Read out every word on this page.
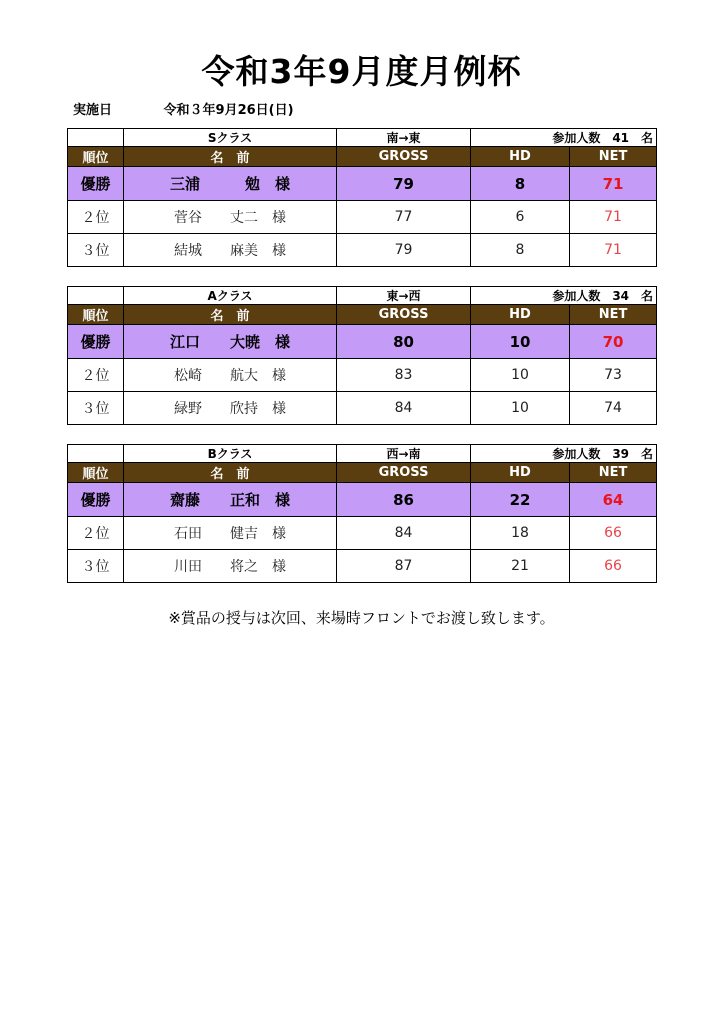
令和3年9月度月例杯
実施日	令和３年9月26日(日)
	Sクラス	南→東	参加人数　41　名	
順位	名　前	GROSS	HD	NET
優勝	三浦　　　勉　様	79	8	71
２位	菅谷　　丈二　様	77	6	71
３位	結城　　麻美　様	79	8	71
	Aクラス	東→西	参加人数　34　名	
順位	名　前	GROSS	HD	NET
優勝	江口　　大暁　様	80	10	70
２位	松崎　　航大　様	83	10	73
３位	緑野　　欣持　様	84	10	74
	Bクラス	西→南	参加人数　39　名	
順位	名　前	GROSS	HD	NET
優勝	齋藤　　正和　様	86	22	64
２位	石田　　健吉　様	84	18	66
３位	川田　　将之　様	87	21	66
※賞品の授与は次回、来場時フロントでお渡し致します。
